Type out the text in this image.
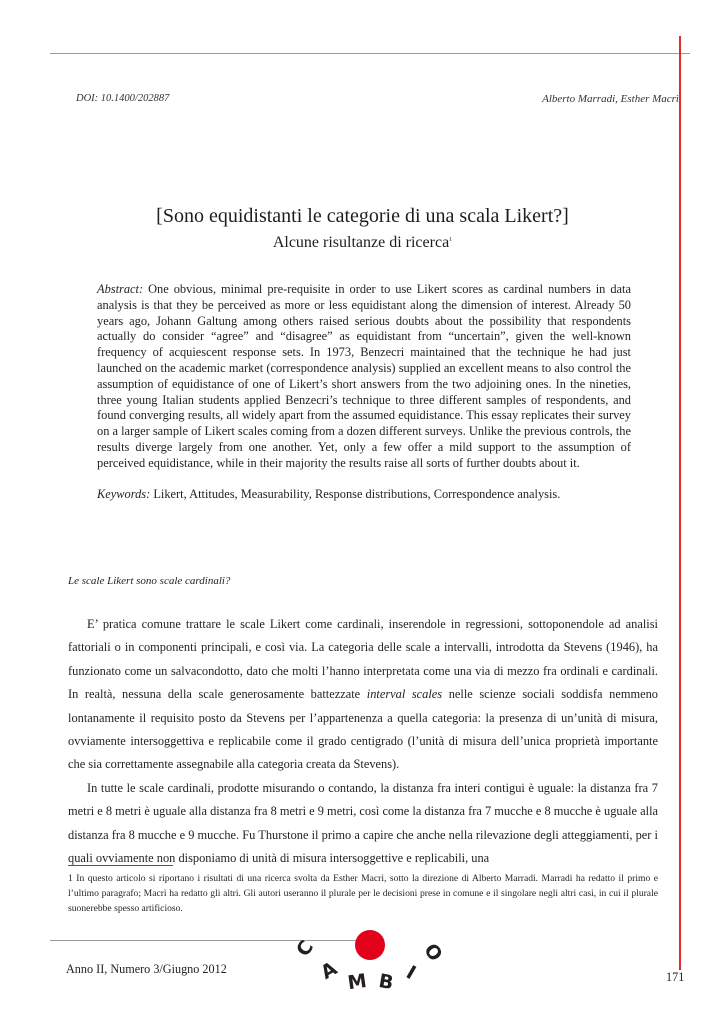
DOI: 10.1400/202887	Alberto Marradi, Esther Macrì
[Sono equidistanti le categorie di una scala Likert?]
Alcune risultanze di ricerca$^1$
Abstract: One obvious, minimal pre-requisite in order to use Likert scores as cardinal numbers in data analysis is that they be perceived as more or less equidistant along the dimension of interest. Already 50 years ago, Johann Galtung among others raised serious doubts about the possibility that respondents actually do consider “agree” and “disagree” as equidistant from “uncertain”, given the well-known frequency of acquiescent response sets. In 1973, Benzecri maintained that the technique he had just launched on the academic market (correspondence analysis) supplied an excellent means to also control the assumption of equidistance of one of Likert’s short answers from the two adjoining ones. In the nineties, three young Italian students applied Benzecri’s technique to three different samples of respondents, and found converging results, all widely apart from the assumed equidistance. This essay replicates their survey on a larger sample of Likert scales coming from a dozen different surveys. Unlike the previous controls, the results diverge largely from one another. Yet, only a few offer a mild support to the assumption of perceived equidistance, while in their majority the results raise all sorts of further doubts about it.
Keywords: Likert, Attitudes, Measurability, Response distributions, Correspondence analysis.
Le scale Likert sono scale cardinali?

E’ pratica comune trattare le scale Likert come cardinali, inserendole in regressioni, sottoponendole ad analisi fattoriali o in componenti principali, e così via. La categoria delle scale a intervalli, introdotta da Stevens (1946), ha funzionato come un salvacondotto, dato che molti l’hanno interpretata come una via di mezzo fra ordinali e cardinali. In realtà, nessuna della scale generosamente battezzate interval scales nelle scienze sociali soddisfa nemmeno lontanamente il requisito posto da Stevens per l’appartenenza a quella categoria: la presenza di un’unità di misura, ovviamente intersoggettiva e replicabile come il grado centigrado (l’unità di misura dell’unica proprietà importante che sia correttamente assegnabile alla categoria creata da Stevens).

In tutte le scale cardinali, prodotte misurando o contando, la distanza fra interi contigui è uguale: la distanza fra 7 metri e 8 metri è uguale alla distanza fra 8 metri e 9 metri, così come la distanza fra 7 mucche e 8 mucche è uguale alla distanza fra 8 mucche e 9 mucche. Fu Thurstone il primo a capire che anche nella rilevazione degli atteggiamenti, per i quali ovviamente non disponiamo di unità di misura intersoggettive e replicabili, una

1 In questo articolo si riportano i risultati di una ricerca svolta da Esther Macrì, sotto la direzione di Alberto Marradi. Marradi ha redatto il primo e l’ultimo paragrafo; Macrì ha redatto gli altri. Gli autori useranno il plurale per le decisioni prese in comune e il singolare negli altri casi, in cui il plurale suonerebbe spesso artificioso.
Anno II, Numero 3/Giugno 2012
171
C
A M B I
O
